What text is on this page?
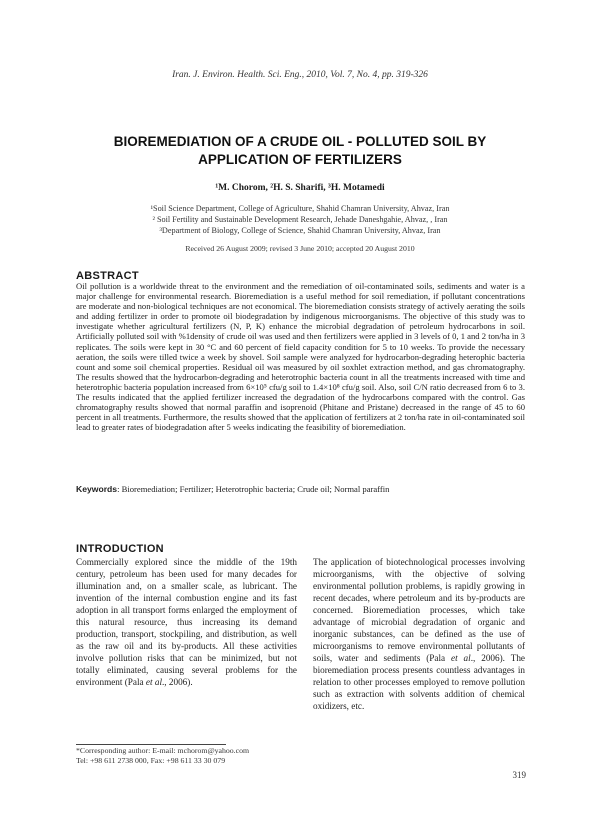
Iran. J. Environ. Health. Sci. Eng., 2010, Vol. 7, No. 4, pp. 319-326
BIOREMEDIATION OF A CRUDE OIL - POLLUTED SOIL BY
APPLICATION OF FERTILIZERS
¹M. Chorom, ²H. S. Sharifi, ³H. Motamedi
¹Soil Science Department, College of Agriculture, Shahid Chamran University, Ahvaz, Iran
² Soil Fertility and Sustainable Development Research, Jehade Daneshgahie, Ahvaz, , Iran
³Department of Biology, College of Science, Shahid Chamran University, Ahvaz, Iran
Received 26 August 2009; revised 3 June 2010; accepted 20 August 2010
ABSTRACT
Oil pollution is a worldwide threat to the environment and the remediation of oil-contaminated soils, sediments and water is a major challenge for environmental research. Bioremediation is a useful method for soil remediation, if pollutant concentrations are moderate and non-biological techniques are not economical. The bioremediation consists strategy of actively aerating the soils and adding fertilizer in order to promote oil biodegradation by indigenous microorganisms. The objective of this study was to investigate whether agricultural fertilizers (N, P, K) enhance the microbial degradation of petroleum hydrocarbons in soil. Artificially polluted soil with %1density of crude oil was used and then fertilizers were applied in 3 levels of 0, 1 and 2 ton/ha in 3 replicates. The soils were kept in 30 °C and 60 percent of field capacity condition for 5 to 10 weeks. To provide the necessary aeration, the soils were tilled twice a week by shovel. Soil sample were analyzed for hydrocarbon-degrading heterophic bacteria count and some soil chemical properties. Residual oil was measured by oil soxhlet extraction method, and gas chromatography. The results showed that the hydrocarbon-degrading and heterotrophic bacteria count in all the treatments increased with time and heterotrophic bacteria population increased from 6×10⁵ cfu/g soil to 1.4×10⁸ cfu/g soil. Also, soil C/N ratio decreased from 6 to 3. The results indicated that the applied fertilizer increased the degradation of the hydrocarbons compared with the control. Gas chromatography results showed that normal paraffin and isoprenoid (Phitane and Pristane) decreased in the range of 45 to 60 percent in all treatments. Furthermore, the results showed that the application of fertilizers at 2 ton/ha rate in oil-contaminated soil lead to greater rates of biodegradation after 5 weeks indicating the feasibility of bioremediation.
Keywords: Bioremediation; Fertilizer; Heterotrophic bacteria; Crude oil; Normal paraffin
INTRODUCTION
Commercially explored since the middle of the 19th century, petroleum has been used for many decades for illumination and, on a smaller scale, as lubricant. The invention of the internal combustion engine and its fast adoption in all transport forms enlarged the employment of this natural resource, thus increasing its demand production, transport, stockpiling, and distribution, as well as the raw oil and its by-products. All these activities involve pollution risks that can be minimized, but not totally eliminated, causing several problems for the environment (Pala et al., 2006).
The application of biotechnological processes involving microorganisms, with the objective of solving environmental pollution problems, is rapidly growing in recent decades, where petroleum and its by-products are concerned. Bioremediation processes, which take advantage of microbial degradation of organic and inorganic substances, can be defined as the use of microorganisms to remove environmental pollutants of soils, water and sediments (Pala et al., 2006). The bioremediation process presents countless advantages in relation to other processes employed to remove pollution such as extraction with solvents addition of chemical oxidizers, etc.
*Corresponding author: E-mail: mchorom@yahoo.com
Tel: +98 611 2738 000, Fax: +98 611 33 30 079
319
